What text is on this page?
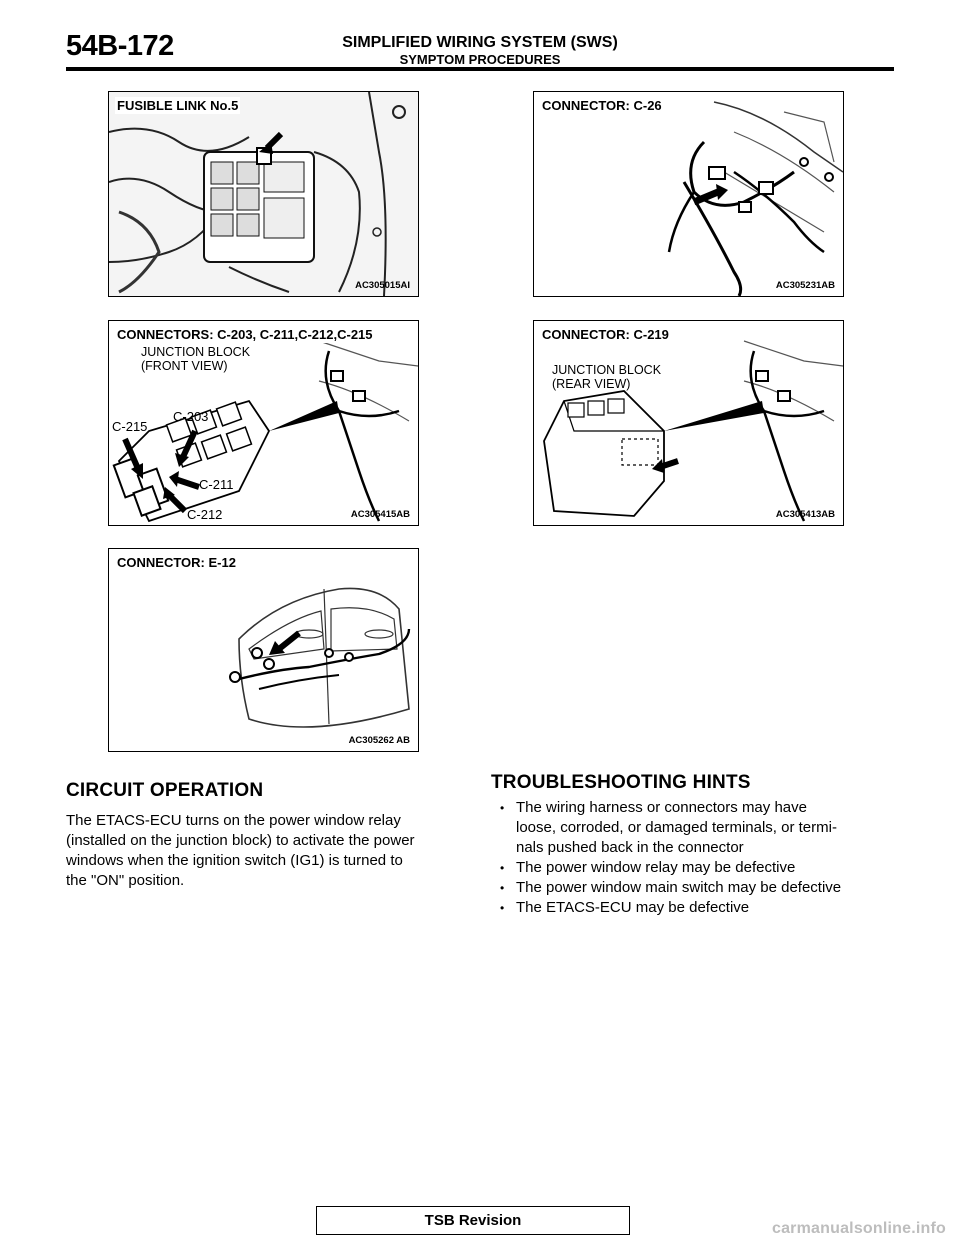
54B-172	SIMPLIFIED WIRING SYSTEM (SWS)
SYMPTOM PROCEDURES
FUSIBLE LINK No.5
AC305015AI
CONNECTOR: C-26
AC305231AB
CONNECTORS: C-203, C-211,C-212,C-215
JUNCTION BLOCK
(FRONT VIEW)
C-215
C-203
C-211
C-212	AC305415AB
CONNECTOR: C-219
JUNCTION BLOCK
(REAR VIEW)
AC305413AB
CONNECTOR: E-12
AC305262 AB
CIRCUIT OPERATION
The ETACS-ECU turns on the power window relay
(installed on the junction block) to activate the power
windows when the ignition switch (IG1) is turned to
the "ON" position.
TROUBLESHOOTING HINTS
• The wiring harness or connectors may have
loose, corroded, or damaged terminals, or termi-
nals pushed back in the connector
• The power window relay may be defective
• The power window main switch may be defective
• The ETACS-ECU may be defective
TSB Revision	carmanualsonline.info
